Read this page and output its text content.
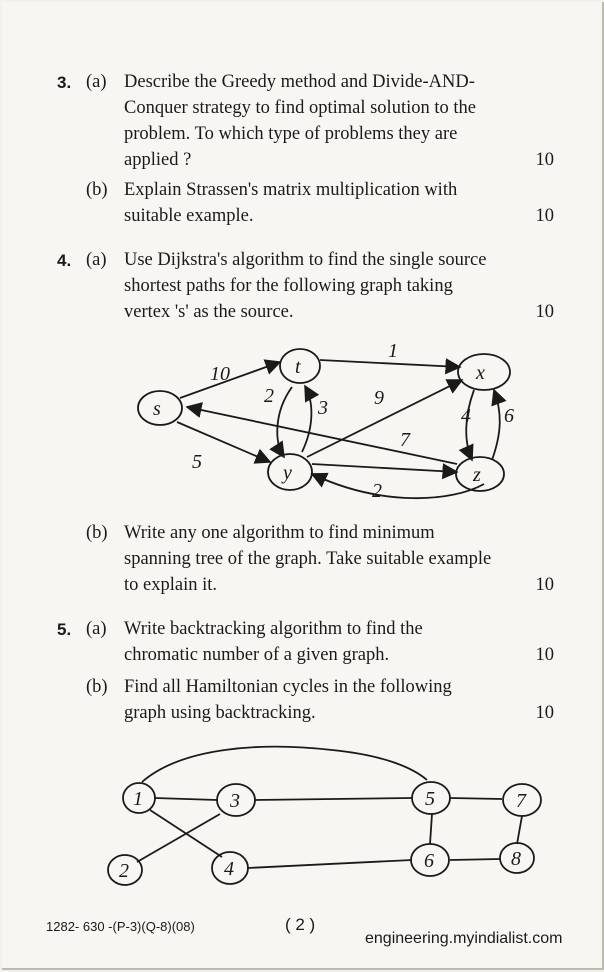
3. (a) Describe the Greedy method and Divide-AND-
Conquer strategy to find optimal solution to the
problem. To which type of problems they are
applied ?	10
(b) Explain Strassen's matrix multiplication with
suitable example.	10
4. (a) Use Dijkstra's algorithm to find the single source
shortest paths for the following graph taking
vertex 's' as the source.	10
s
t	x
y	z
10
5
1
2
3 9
7
4 6
2
(b) Write any one algorithm to find minimum
spanning tree of the graph. Take suitable example
to explain it.	10
5. (a) Write backtracking algorithm to find the
chromatic number of a given graph.	10
(b) Find all Hamiltonian cycles in the following
graph using backtracking.	10
1
2
3
4
5
6
7
8
1282- 630 -(P-3)(Q-8)(08)	( 2 )
engineering.myindialist.com
